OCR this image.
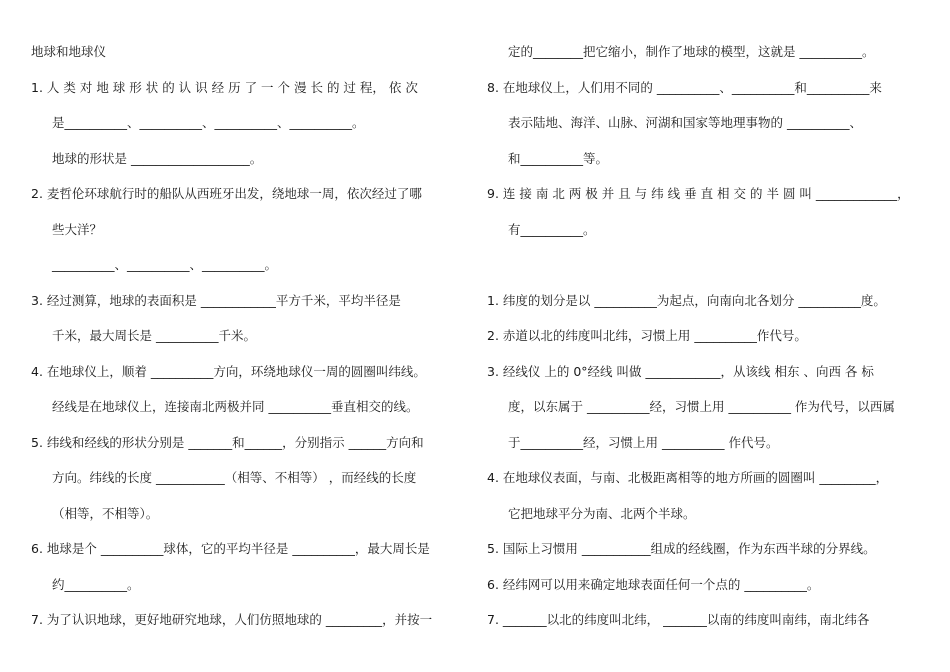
地球和地球仪
1. 人 类 对 地 球 形 状 的 认 识 经 历 了 一 个 漫 长 的 过 程， 依 次
是__________、__________、__________、__________。
地球的形状是 ___________________。
2. 麦哲伦环球航行时的船队从西班牙出发，绕地球一周，依次经过了哪
些大洋？
__________、__________、__________。
3. 经过测算，地球的表面积是 ____________平方千米，平均半径是
千米，最大周长是 __________千米。
4. 在地球仪上，顺着 __________方向，环绕地球仪一周的圆圈叫纬线。
经线是在地球仪上，连接南北两极并同 __________垂直相交的线。
5. 纬线和经线的形状分别是 _______和______，分别指示 ______方向和
方向。纬线的长度 ___________（相等、不相等） ，而经线的长度
（相等，不相等）。
6. 地球是个 __________球体，它的平均半径是 __________，最大周长是
约__________。
7. 为了认识地球，更好地研究地球，人们仿照地球的 _________，并按一
定的________把它缩小，制作了地球的模型，这就是 __________。
8. 在地球仪上，人们用不同的 __________、__________和__________来
表示陆地、海洋、山脉、河湖和国家等地理事物的 __________、
和__________等。
9. 连 接 南 北 两 极 并 且 与 纬 线 垂 直 相 交 的 半 圆 叫 _____________，
有__________。
1. 纬度的划分是以 __________为起点，向南向北各划分 __________度。
2. 赤道以北的纬度叫北纬，习惯上用 __________作代号。
3. 经线仪 上的 0°经线 叫做 ____________，从该线 相东 、向西 各 标
度，以东属于 __________经，习惯上用 __________ 作为代号，以西属
于__________经，习惯上用 __________ 作代号。
4. 在地球仪表面，与南、北极距离相等的地方所画的圆圈叫 _________，
它把地球平分为南、北两个半球。
5. 国际上习惯用 ___________组成的经线圈，作为东西半球的分界线。
6. 经纬网可以用来确定地球表面任何一个点的 __________。
7. _______以北的纬度叫北纬， _______以南的纬度叫南纬，南北纬各
